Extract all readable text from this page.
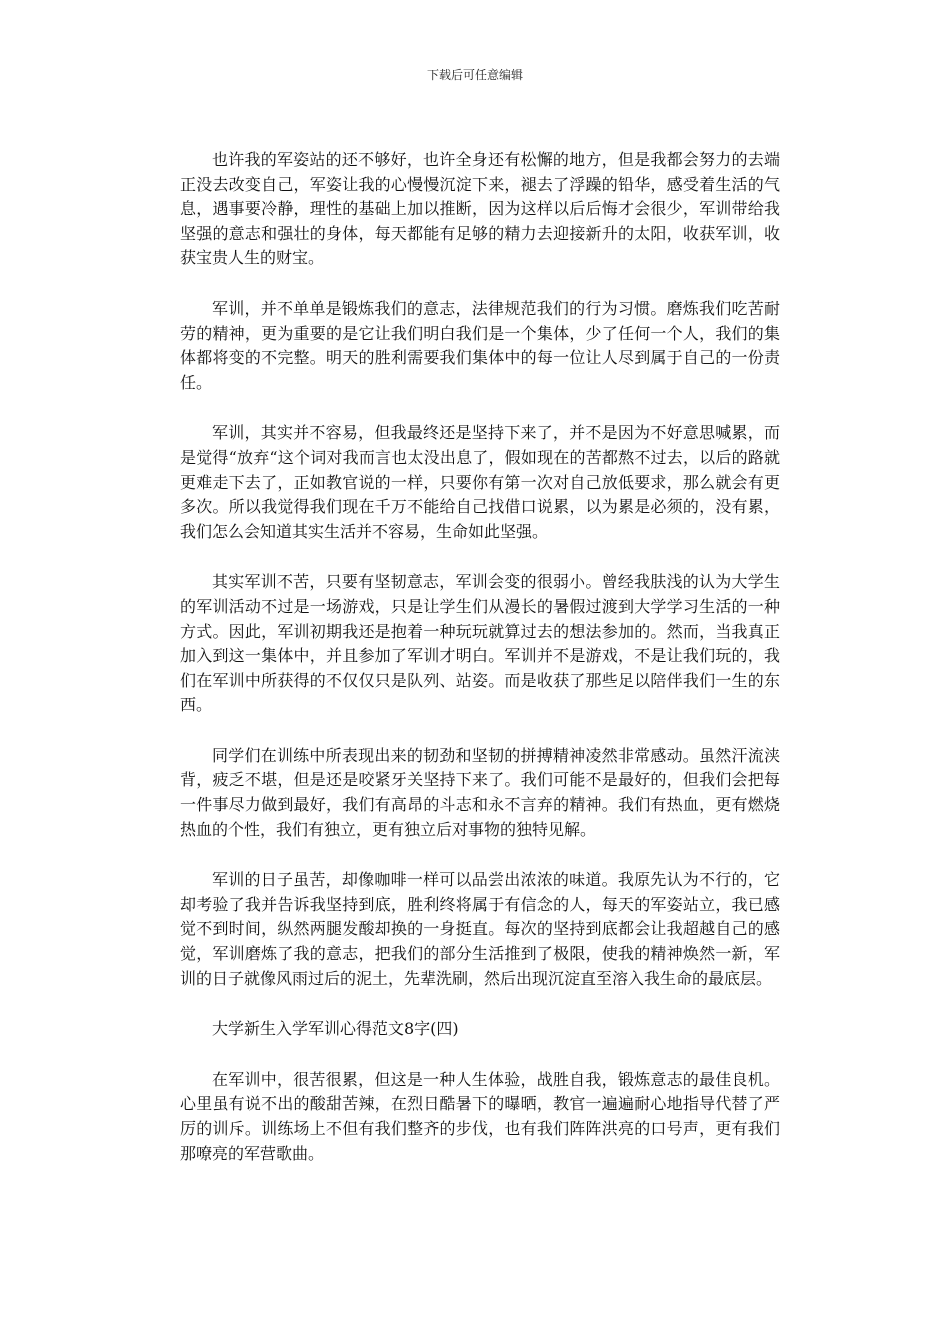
下载后可任意编辑

也许我的军姿站的还不够好，也许全身还有松懈的地方，但是我都会努力的去端正没去改变自己，军姿让我的心慢慢沉淀下来，褪去了浮躁的铅华，感受着生活的气息，遇事要冷静，理性的基础上加以推断，因为这样以后后悔才会很少，军训带给我坚强的意志和强壮的身体，每天都能有足够的精力去迎接新升的太阳，收获军训，收获宝贵人生的财宝。

军训，并不单单是锻炼我们的意志，法律规范我们的行为习惯。磨炼我们吃苦耐劳的精神，更为重要的是它让我们明白我们是一个集体，少了任何一个人，我们的集体都将变的不完整。明天的胜利需要我们集体中的每一位让人尽到属于自己的一份责任。

军训，其实并不容易，但我最终还是坚持下来了，并不是因为不好意思喊累，而是觉得“放弃“这个词对我而言也太没出息了，假如现在的苦都熬不过去，以后的路就更难走下去了，正如教官说的一样，只要你有第一次对自己放低要求，那么就会有更多次。所以我觉得我们现在千万不能给自己找借口说累，以为累是必须的，没有累，我们怎么会知道其实生活并不容易，生命如此坚强。

其实军训不苦，只要有坚韧意志，军训会变的很弱小。曾经我肤浅的认为大学生的军训活动不过是一场游戏，只是让学生们从漫长的暑假过渡到大学学习生活的一种方式。因此，军训初期我还是抱着一种玩玩就算过去的想法参加的。然而，当我真正加入到这一集体中，并且参加了军训才明白。军训并不是游戏，不是让我们玩的，我们在军训中所获得的不仅仅只是队列、站姿。而是收获了那些足以陪伴我们一生的东西。

同学们在训练中所表现出来的韧劲和坚韧的拼搏精神凌然非常感动。虽然汗流浃背，疲乏不堪，但是还是咬紧牙关坚持下来了。我们可能不是最好的，但我们会把每一件事尽力做到最好，我们有高昂的斗志和永不言弃的精神。我们有热血，更有燃烧热血的个性，我们有独立，更有独立后对事物的独特见解。

军训的日子虽苦，却像咖啡一样可以品尝出浓浓的味道。我原先认为不行的，它却考验了我并告诉我坚持到底，胜利终将属于有信念的人，每天的军姿站立，我已感觉不到时间，纵然两腿发酸却换的一身挺直。每次的坚持到底都会让我超越自己的感觉，军训磨炼了我的意志，把我们的部分生活推到了极限，使我的精神焕然一新，军训的日子就像风雨过后的泥土，先辈洗刷，然后出现沉淀直至溶入我生命的最底层。

大学新生入学军训心得范文8字(四)

在军训中，很苦很累，但这是一种人生体验，战胜自我，锻炼意志的最佳良机。心里虽有说不出的酸甜苦辣，在烈日酷暑下的曝晒，教官一遍遍耐心地指导代替了严厉的训斥。训练场上不但有我们整齐的步伐，也有我们阵阵洪亮的口号声，更有我们那嘹亮的军营歌曲。
